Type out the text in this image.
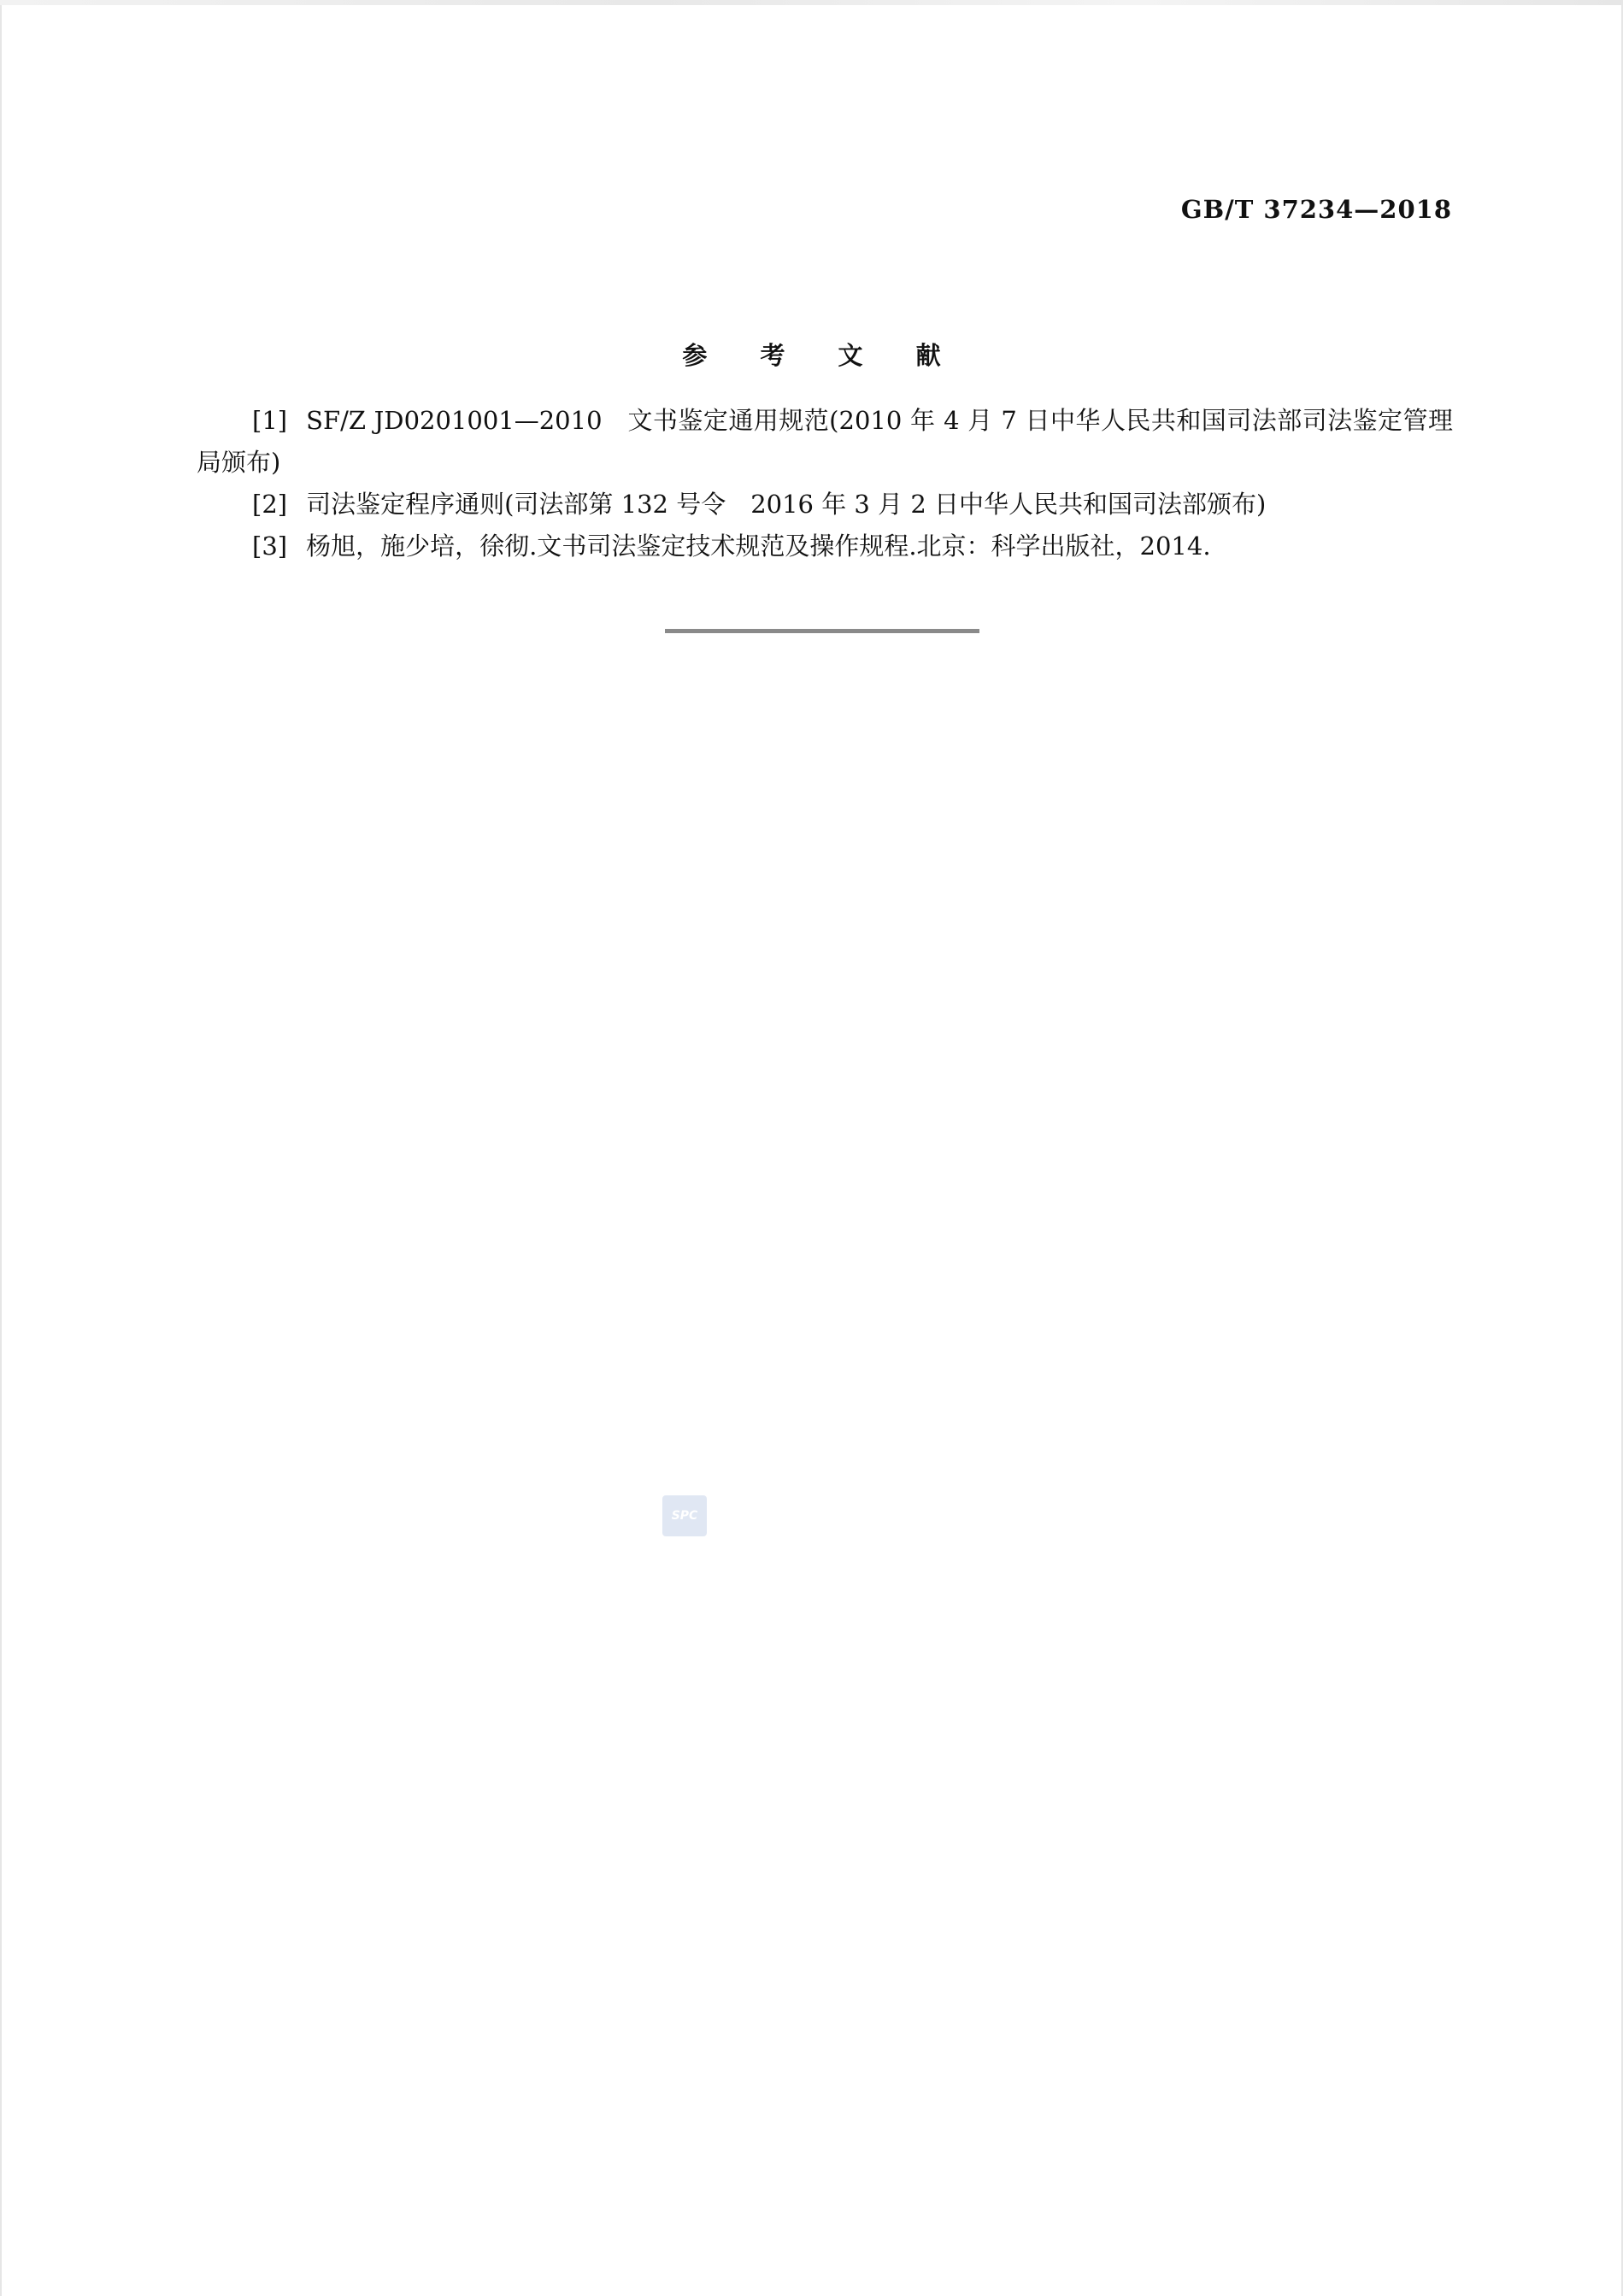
GB/T 37234—2018
参 考 文 献

[1] SF/Z JD0201001—2010　文书鉴定通用规范(2010 年 4 月 7 日中华人民共和国司法部司法鉴定管理局颁布)

[2] 司法鉴定程序通则(司法部第 132 号令　2016 年 3 月 2 日中华人民共和国司法部颁布)

[3] 杨旭，施少培，徐彻.文书司法鉴定技术规范及操作规程.北京：科学出版社，2014.

SPC
